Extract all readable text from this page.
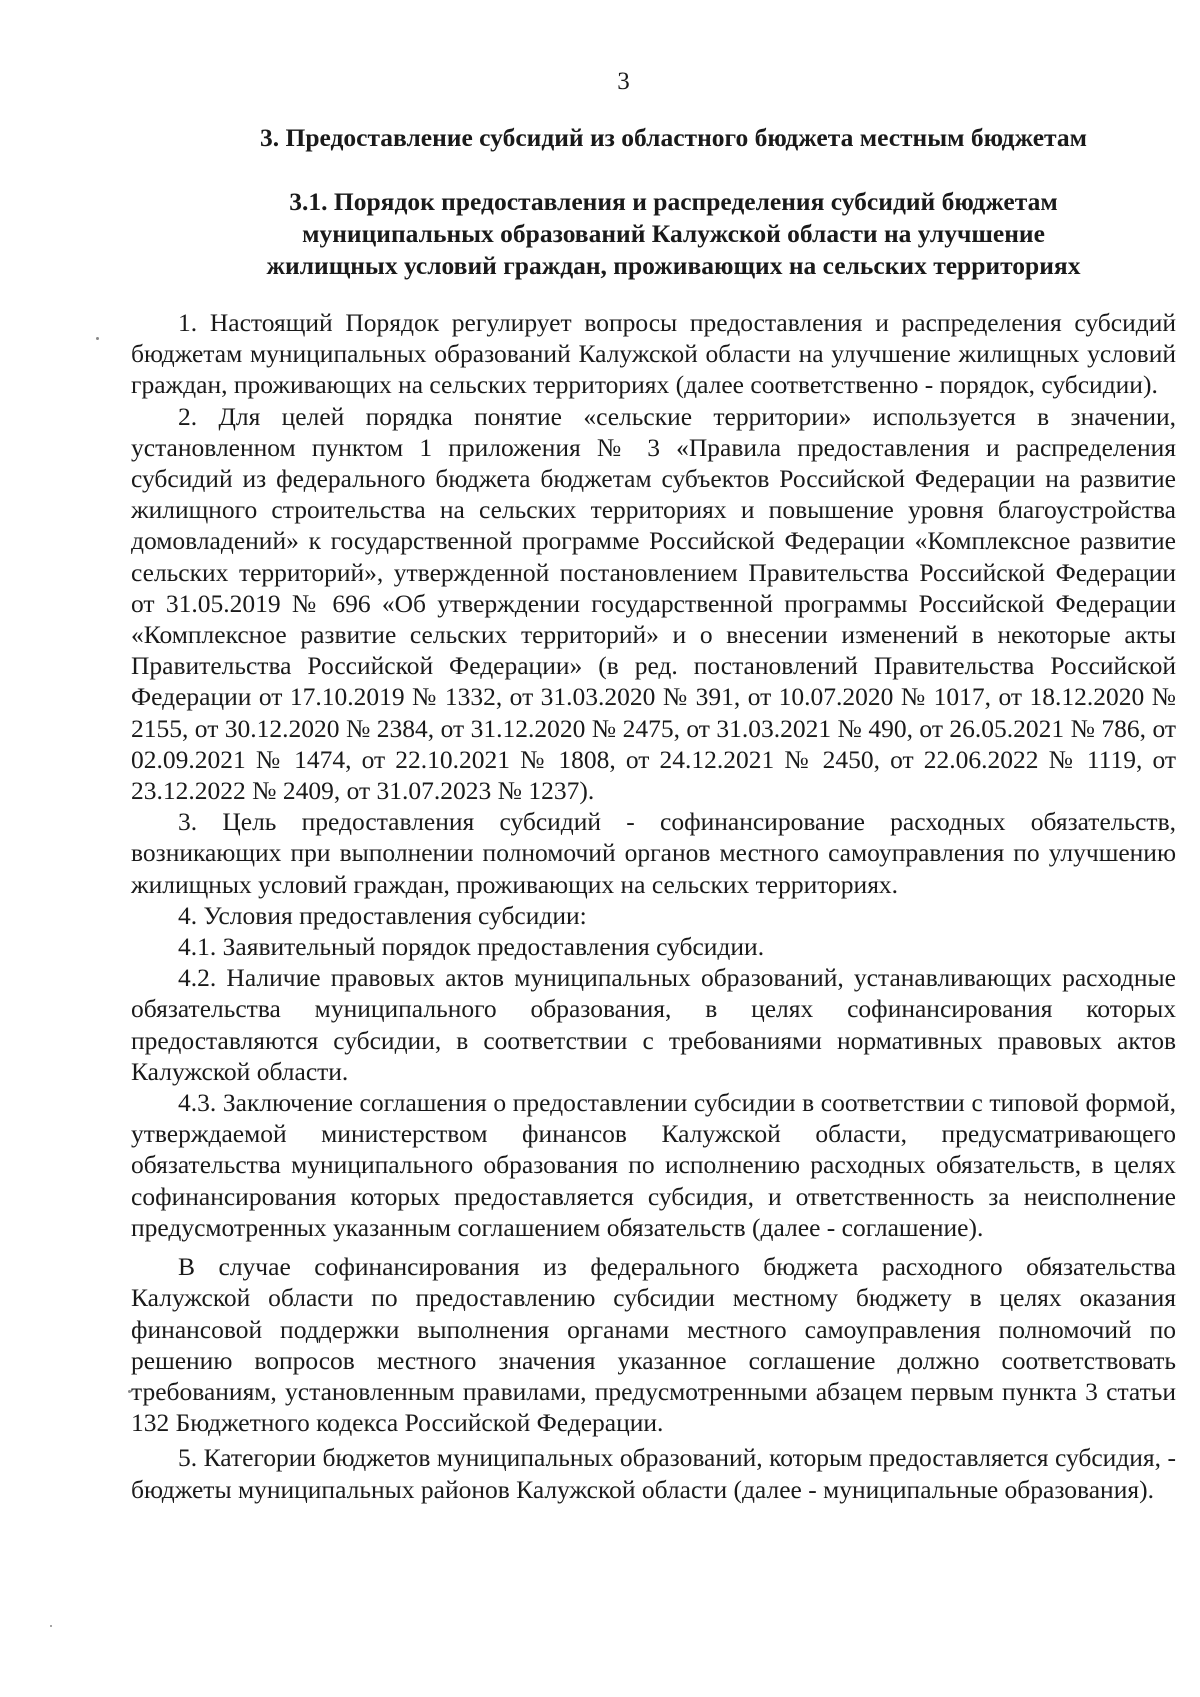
3
3. Предоставление субсидий из областного бюджета местным бюджетам
3.1. Порядок предоставления и распределения субсидий бюджетам
муниципальных образований Калужской области на улучшение
жилищных условий граждан, проживающих на сельских территориях

1. Настоящий Порядок регулирует вопросы предоставления и распределения субсидий бюджетам муниципальных образований Калужской области на улучшение жилищных условий граждан, проживающих на сельских территориях (далее соответственно - порядок, субсидии).

2. Для целей порядка понятие «сельские территории» используется в значении, установленном пунктом 1 приложения № 3 «Правила предоставления и распределения субсидий из федерального бюджета бюджетам субъектов Российской Федерации на развитие жилищного строительства на сельских территориях и повышение уровня благоустройства домовладений» к государственной программе Российской Федерации «Комплексное развитие сельских территорий», утвержденной постановлением Правительства Российской Федерации от 31.05.2019 № 696 «Об утверждении государственной программы Российской Федерации «Комплексное развитие сельских территорий» и о внесении изменений в некоторые акты Правительства Российской Федерации» (в ред. постановлений Правительства Российской Федерации от 17.10.2019 № 1332, от 31.03.2020 № 391, от 10.07.2020 № 1017, от 18.12.2020 № 2155, от 30.12.2020 № 2384, от 31.12.2020 № 2475, от 31.03.2021 № 490, от 26.05.2021 № 786, от 02.09.2021 № 1474, от 22.10.2021 № 1808, от 24.12.2021 № 2450, от 22.06.2022 № 1119, от 23.12.2022 № 2409, от 31.07.2023 № 1237).

3. Цель предоставления субсидий - софинансирование расходных обязательств, возникающих при выполнении полномочий органов местного самоуправления по улучшению жилищных условий граждан, проживающих на сельских территориях.

4. Условия предоставления субсидии:

4.1. Заявительный порядок предоставления субсидии.

4.2. Наличие правовых актов муниципальных образований, устанавливающих расходные обязательства муниципального образования, в целях софинансирования которых предоставляются субсидии, в соответствии с требованиями нормативных правовых актов Калужской области.

4.3. Заключение соглашения о предоставлении субсидии в соответствии с типовой формой, утверждаемой министерством финансов Калужской области, предусматривающего обязательства муниципального образования по исполнению расходных обязательств, в целях софинансирования которых предоставляется субсидия, и ответственность за неисполнение предусмотренных указанным соглашением обязательств (далее - соглашение).

В случае софинансирования из федерального бюджета расходного обязательства Калужской области по предоставлению субсидии местному бюджету в целях оказания финансовой поддержки выполнения органами местного самоуправления полномочий по решению вопросов местного значения указанное соглашение должно соответствовать требованиям, установленным правилами, предусмотренными абзацем первым пункта 3 статьи 132 Бюджетного кодекса Российской Федерации.

5. Категории бюджетов муниципальных образований, которым предоставляется субсидия, - бюджеты муниципальных районов Калужской области (далее - муниципальные образования).
